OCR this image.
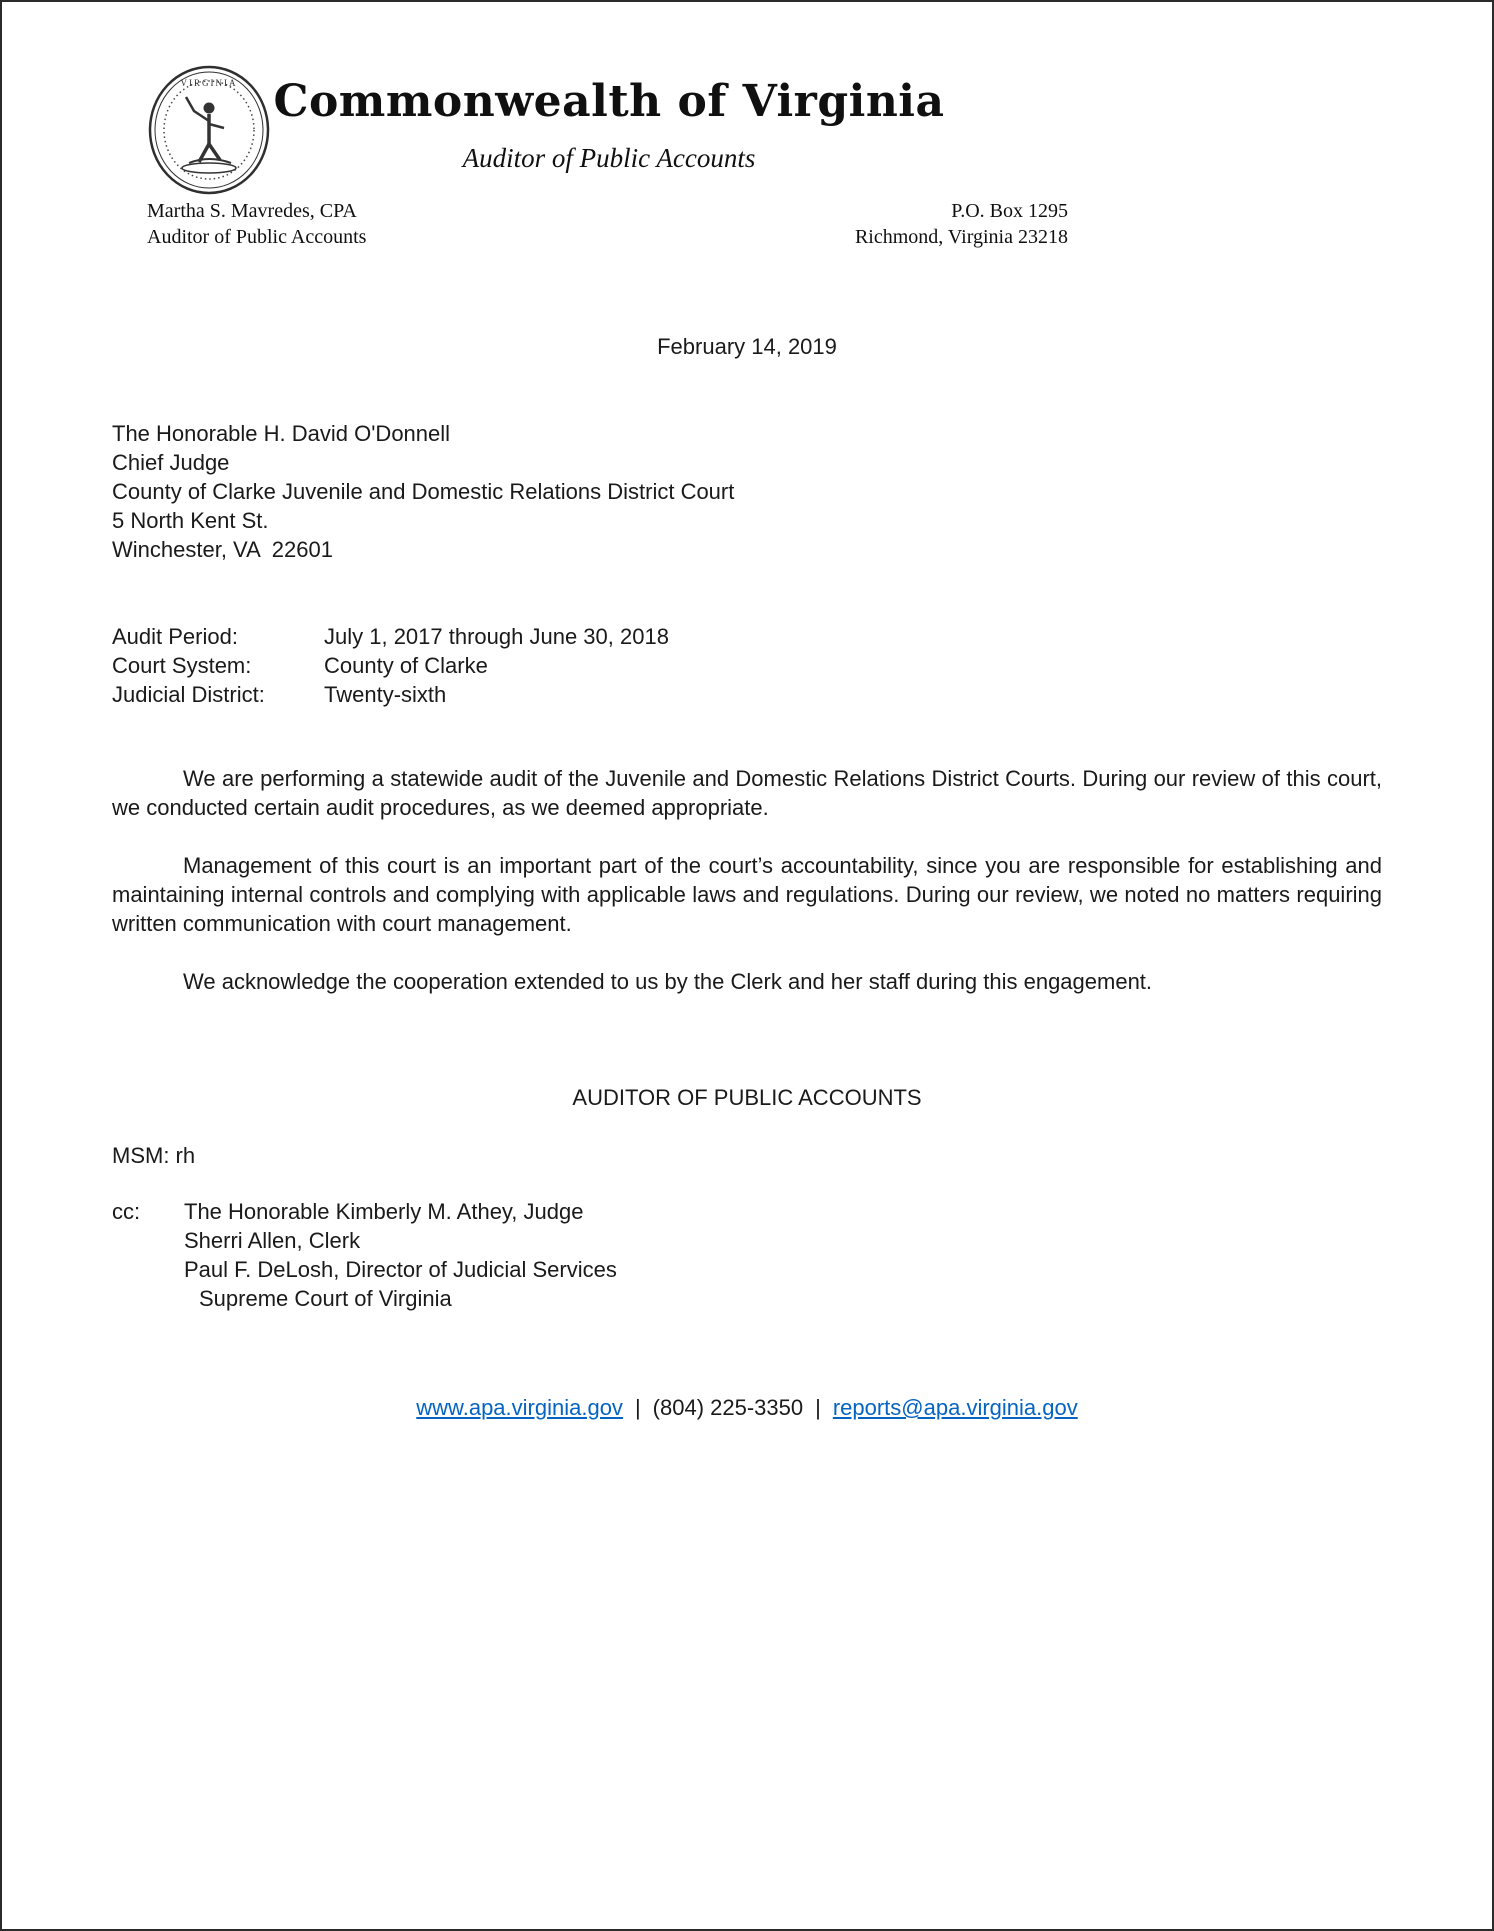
VIRGINIA Commonwealth of Virginia
Auditor of Public Accounts
Martha S. Mavredes, CPA
Auditor of Public Accounts
P.O. Box 1295
Richmond, Virginia 23218
February 14, 2019
The Honorable H. David O'Donnell
Chief Judge
County of Clarke Juvenile and Domestic Relations District Court
5 North Kent St.
Winchester, VA  22601
Audit Period:	July 1, 2017 through June 30, 2018
Court System:	County of Clarke
Judicial District:	Twenty-sixth

We are performing a statewide audit of the Juvenile and Domestic Relations District Courts. During our review of this court, we conducted certain audit procedures, as we deemed appropriate.

Management of this court is an important part of the court’s accountability, since you are responsible for establishing and maintaining internal controls and complying with applicable laws and regulations. During our review, we noted no matters requiring written communication with court management.

We acknowledge the cooperation extended to us by the Clerk and her staff during this engagement.

AUDITOR OF PUBLIC ACCOUNTS
MSM: rh
cc:	The Honorable Kimberly M. Athey, Judge
Sherri Allen, Clerk
Paul F. DeLosh, Director of Judicial Services
Supreme Court of Virginia
www.apa.virginia.gov | (804) 225-3350 | reports@apa.virginia.gov
